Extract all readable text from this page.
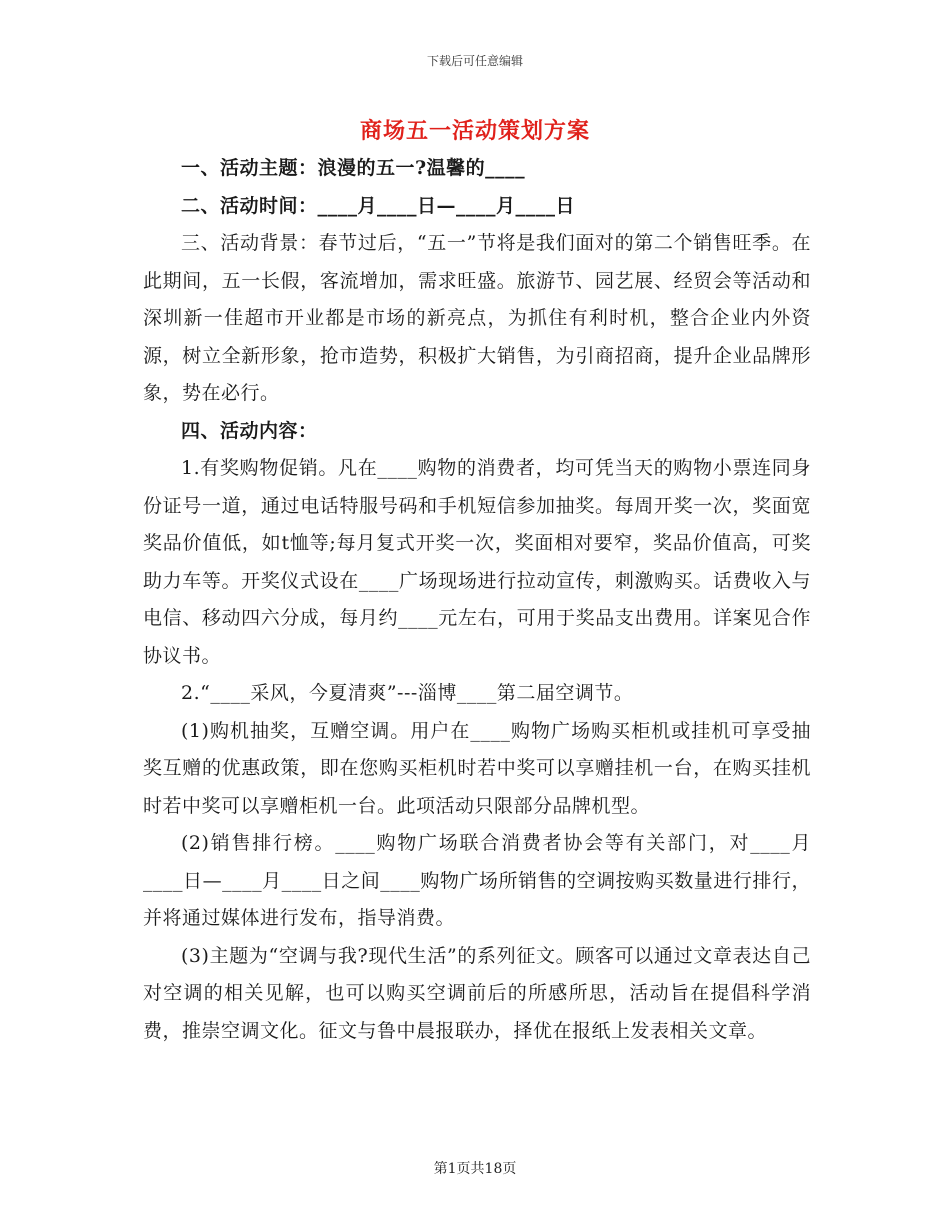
下载后可任意编辑
商场五一活动策划方案

一、活动主题：浪漫的五一?温馨的____

二、活动时间：____月____日—____月____日

三、活动背景：春节过后，“五一”节将是我们面对的第二个销售旺季。在此期间，五一长假，客流增加，需求旺盛。旅游节、园艺展、经贸会等活动和深圳新一佳超市开业都是市场的新亮点，为抓住有利时机，整合企业内外资源，树立全新形象，抢市造势，积极扩大销售，为引商招商，提升企业品牌形象，势在必行。

四、活动内容：

1.有奖购物促销。凡在____购物的消费者，均可凭当天的购物小票连同身份证号一道，通过电话特服号码和手机短信参加抽奖。每周开奖一次，奖面宽奖品价值低，如t恤等;每月复式开奖一次，奖面相对要窄，奖品价值高，可奖助力车等。开奖仪式设在____广场现场进行拉动宣传，刺激购买。话费收入与电信、移动四六分成，每月约____元左右，可用于奖品支出费用。详案见合作协议书。

2.“____采风，今夏清爽”---淄博____第二届空调节。

(1)购机抽奖，互赠空调。用户在____购物广场购买柜机或挂机可享受抽奖互赠的优惠政策，即在您购买柜机时若中奖可以享赠挂机一台，在购买挂机时若中奖可以享赠柜机一台。此项活动只限部分品牌机型。

(2)销售排行榜。____购物广场联合消费者协会等有关部门，对____月____日—____月____日之间____购物广场所销售的空调按购买数量进行排行，并将通过媒体进行发布，指导消费。

(3)主题为“空调与我?现代生活”的系列征文。顾客可以通过文章表达自己对空调的相关见解，也可以购买空调前后的所感所思，活动旨在提倡科学消费，推崇空调文化。征文与鲁中晨报联办，择优在报纸上发表相关文章。

第1页共18页
